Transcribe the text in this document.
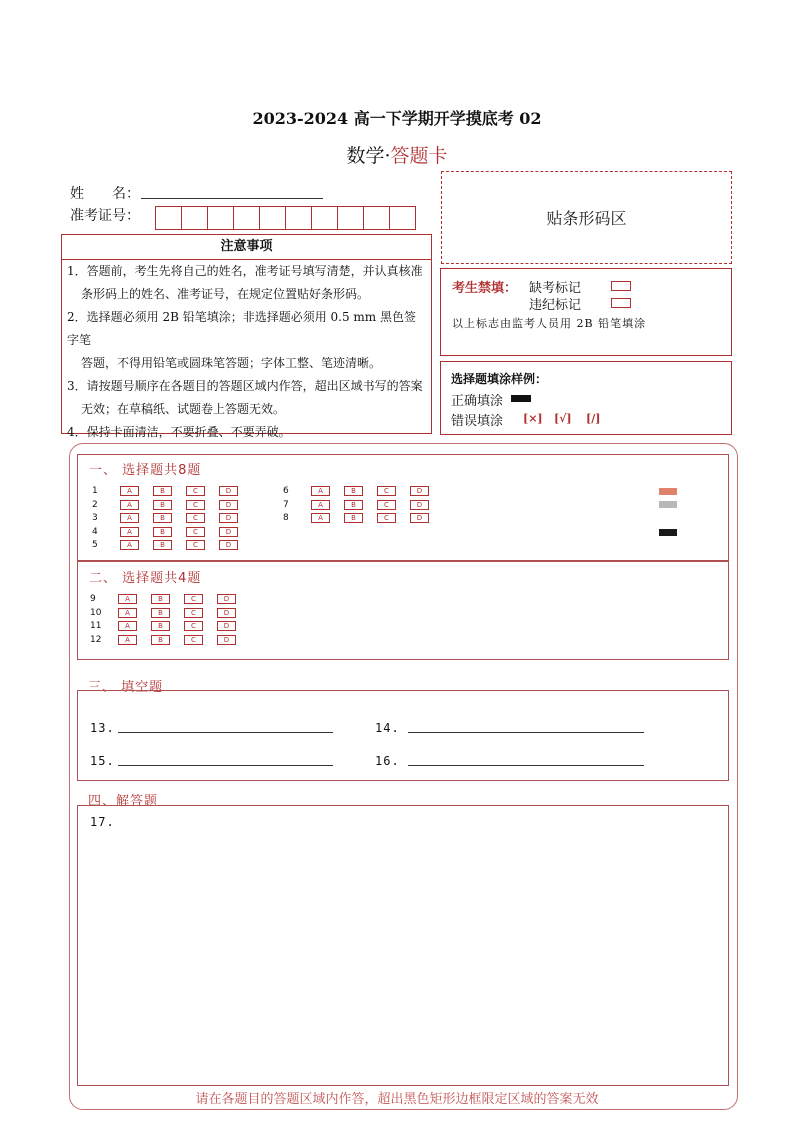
2023-2024 高一下学期开学摸底考 02
数学·答题卡
姓　　名：
准考证号：	贴条形码区
注意事项

1．答题前，考生先将自己的姓名，准考证号填写清楚，并认真核准

条形码上的姓名、准考证号，在规定位置贴好条形码。

2．选择题必须用 2B 铅笔填涂；非选择题必须用 0.5 mm 黑色签字笔

答题，不得用铅笔或圆珠笔答题；字体工整、笔迹清晰。

3．请按题号顺序在各题目的答题区域内作答，超出区域书写的答案

无效；在草稿纸、试题卷上答题无效。

4．保持卡面清洁，不要折叠、不要弄破。

考生禁填： 缺考标记
违纪标记
以上标志由监考人员用 2B 铅笔填涂
选择题填涂样例：
正确填涂
错误填涂 [×] [√] [/]
一、 选择题共8题
1	A	B	C	D
2	A	B	C	D
3	A	B	C	D
4	A	B	C	D
5	A	B	C	D
6	A	B	C	D
7	A	B	C	D
8	A	B	C	D
二、 选择题共4题
9	A	B	C	D
10	A	B	C	D
11	A	B	C	D
12	A	B	C	D
三、 填空题
13.	14.
15.	16.
四、解答题
17.
请在各题目的答题区域内作答，超出黑色矩形边框限定区域的答案无效
